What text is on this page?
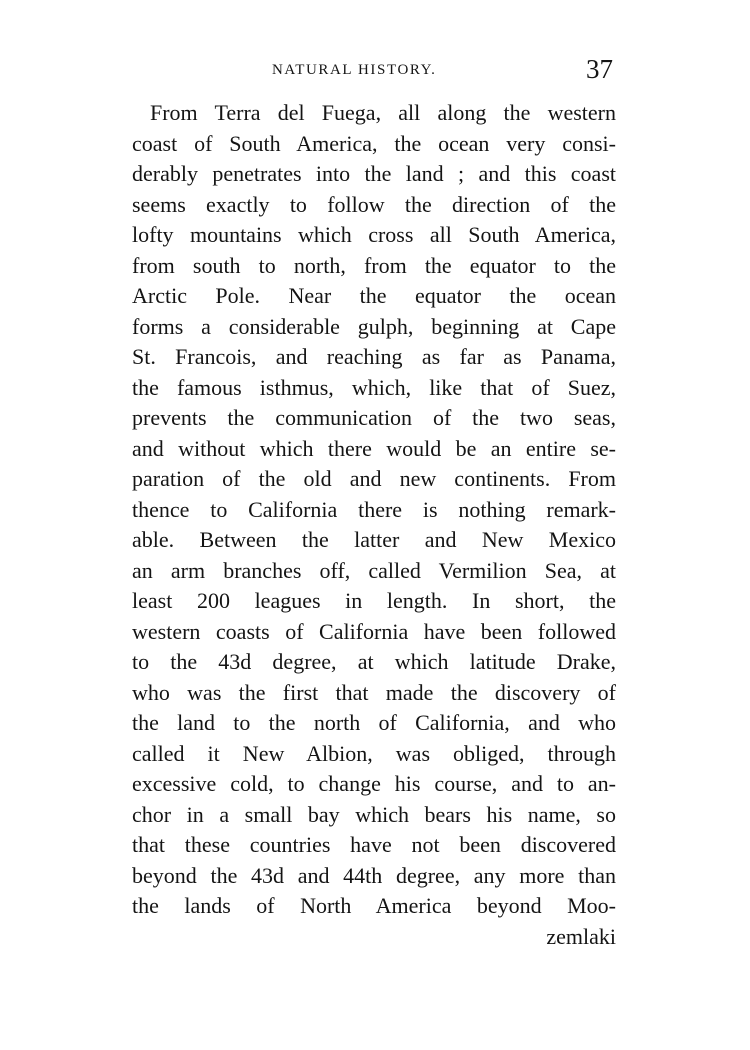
NATURAL HISTORY.	37
From Terra del Fuega, all along the western
coast of South America, the ocean very consi-
derably penetrates into the land ; and this coast
seems exactly to follow the direction of the
lofty mountains which cross all South America,
from south to north, from the equator to the
Arctic Pole. Near the equator the ocean
forms a considerable gulph, beginning at Cape
St. Francois, and reaching as far as Panama,
the famous isthmus, which, like that of Suez,
prevents the communication of the two seas,
and without which there would be an entire se-
paration of the old and new continents. From
thence to California there is nothing remark-
able. Between the latter and New Mexico
an arm branches off, called Vermilion Sea, at
least 200 leagues in length. In short, the
western coasts of California have been followed
to the 43d degree, at which latitude Drake,
who was the first that made the discovery of
the land to the north of California, and who
called it New Albion, was obliged, through
excessive cold, to change his course, and to an-
chor in a small bay which bears his name, so
that these countries have not been discovered
beyond the 43d and 44th degree, any more than
the lands of North America beyond Moo-
zemlaki
